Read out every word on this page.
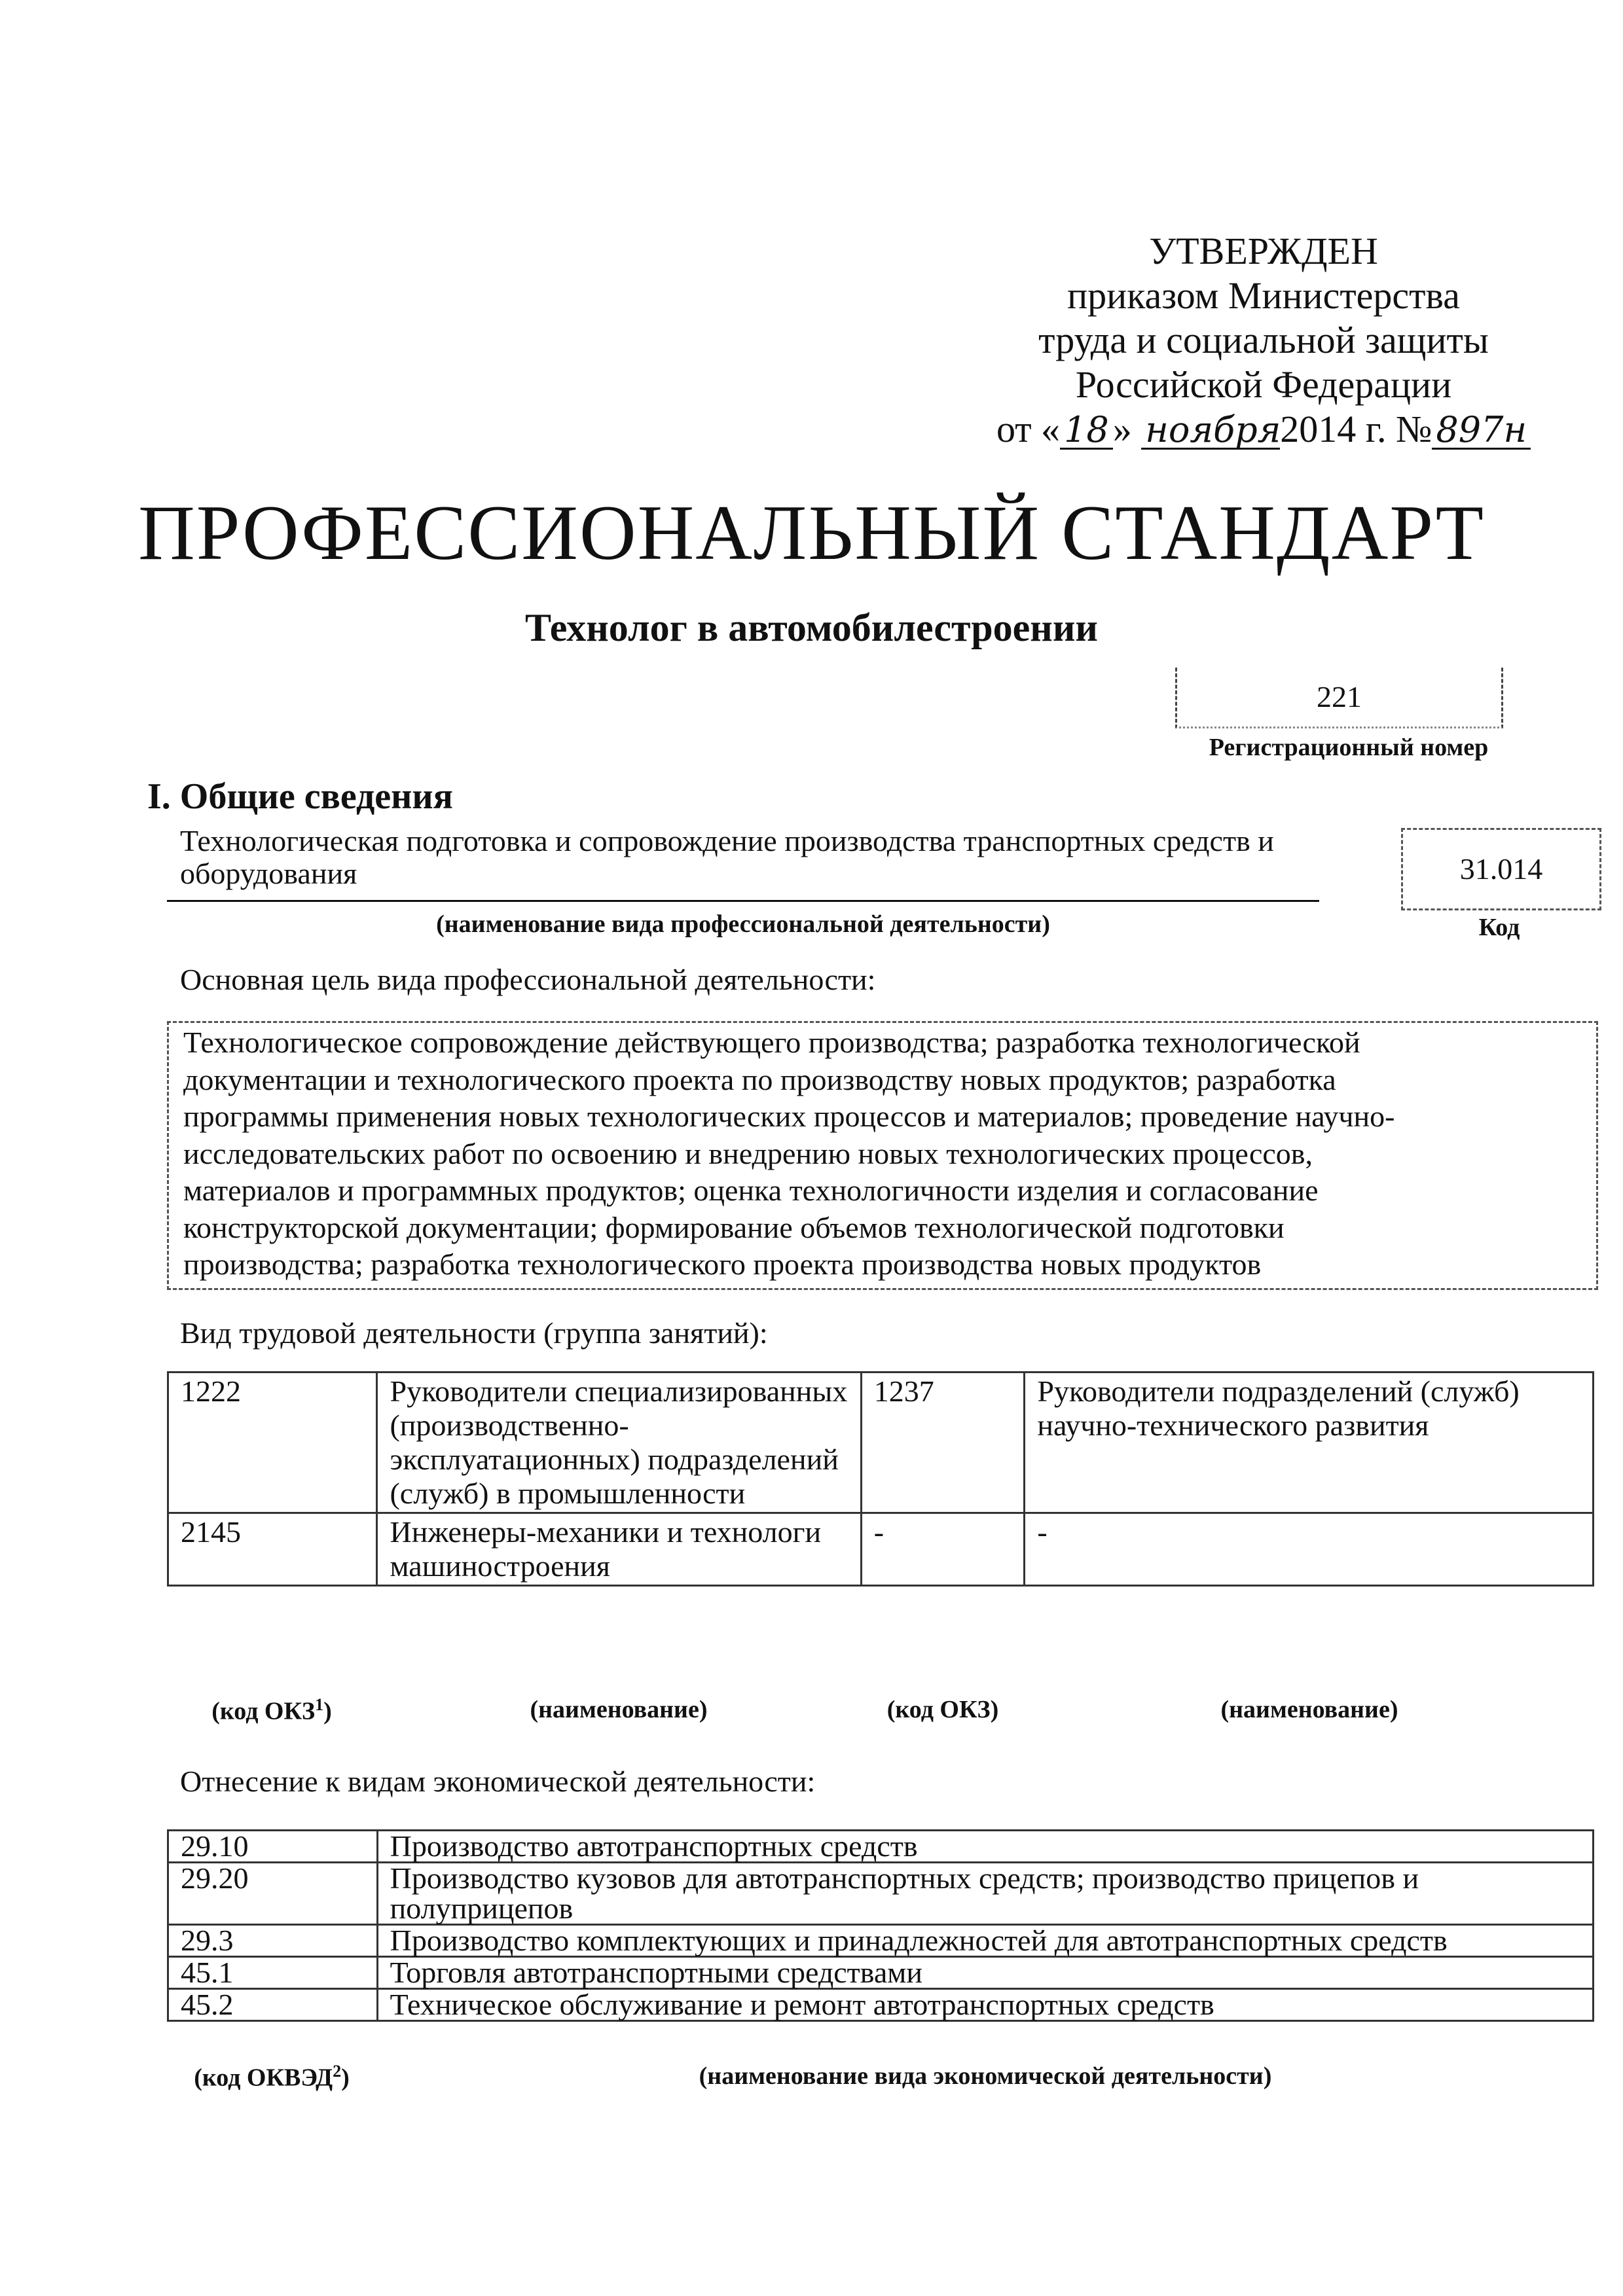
УТВЕРЖДЕН
приказом Министерства
труда и социальной защиты
Российской Федерации
от « 18 » ноября2014 г. № 897н
ПРОФЕССИОНАЛЬНЫЙ СТАНДАРТ
Технолог в автомобилестроении
221
Регистрационный номер
I. Общие сведения
Технологическая подготовка и сопровождение производства транспортных средств и оборудования
(наименование вида профессиональной деятельности)
31.014
Код
Основная цель вида профессиональной деятельности:
Технологическое сопровождение действующего производства; разработка технологической
документации и технологического проекта по производству новых продуктов; разработка
программы применения новых технологических процессов и материалов; проведение научно-
исследовательских работ по освоению и внедрению новых технологических процессов,
материалов и программных продуктов; оценка технологичности изделия и согласование
конструкторской документации; формирование объемов технологической подготовки
производства; разработка технологического проекта производства новых продуктов
Вид трудовой деятельности (группа занятий):
1222	Руководители специализированных (производственно-эксплуатационных) подразделений (служб) в промышленности	1237	Руководители подразделений (служб) научно-технического развития
2145	Инженеры-механики и технологи машиностроения	-	-
(код ОКЗ$^1$)	(наименование)	(код ОКЗ)	(наименование)
Отнесение к видам экономической деятельности:
29.10	Производство автотранспортных средств
29.20	Производство кузовов для автотранспортных средств; производство прицепов и полуприцепов
29.3	Производство комплектующих и принадлежностей для автотранспортных средств
45.1	Торговля автотранспортными средствами
45.2	Техническое обслуживание и ремонт автотранспортных средств
(код ОКВЭД$^2$)	(наименование вида экономической деятельности)
